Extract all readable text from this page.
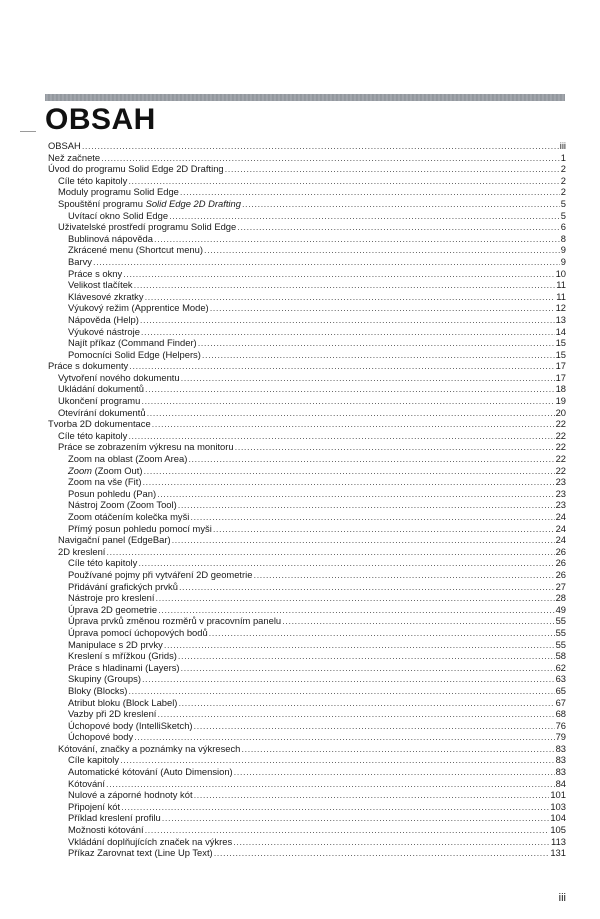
OBSAH
OBSAH .....	iii
Než začnete .....	1
Úvod do programu Solid Edge 2D Drafting .....	2
Cíle této kapitoly .....	2
Moduly programu Solid Edge .....	2
Spouštění programu Solid Edge 2D Drafting .....	5
Uvítací okno Solid Edge .....	5
Uživatelské prostředí programu Solid Edge .....	6
Bublinová nápověda .....	8
Zkrácené menu (Shortcut menu) .....	9
Barvy .....	9
Práce s okny .....	10
Velikost tlačítek .....	11
Klávesové zkratky .....	11
Výukový režim (Apprentice Mode) .....	12
Nápověda (Help) .....	13
Výukové nástroje .....	14
Najít příkaz (Command Finder) .....	15
Pomocníci Solid Edge (Helpers) .....	15
Práce s dokumenty .....	17
Vytvoření nového dokumentu .....	17
Ukládání dokumentů .....	18
Ukončení programu .....	19
Otevírání dokumentů .....	20
Tvorba 2D dokumentace .....	22
Cíle této kapitoly .....	22
Práce se zobrazením výkresu na monitoru .....	22
Zoom na oblast (Zoom Area) .....	22
Zoom (Zoom Out) .....	22
Zoom na vše (Fit) .....	23
Posun pohledu (Pan) .....	23
Nástroj Zoom (Zoom Tool) .....	23
Zoom otáčením kolečka myši .....	24
Přímý posun pohledu pomocí myši .....	24
Navigační panel (EdgeBar) .....	24
2D kreslení .....	26
Cíle této kapitoly .....	26
Používané pojmy při vytváření 2D geometrie .....	26
Přidávání grafických prvků .....	27
Nástroje pro kreslení .....	28
Úprava 2D geometrie .....	49
Úprava prvků změnou rozměrů v pracovním panelu .....	55
Úprava pomocí úchopových bodů .....	55
Manipulace s 2D prvky .....	55
Kreslení s mřížkou (Grids) .....	58
Práce s hladinami (Layers) .....	62
Skupiny (Groups) .....	63
Bloky (Blocks) .....	65
Atribut bloku (Block Label) .....	67
Vazby při 2D kreslení .....	68
Úchopové body (IntelliSketch) .....	76
Úchopové body .....	79
Kótování, značky a poznámky na výkresech .....	83
Cíle kapitoly .....	83
Automatické kótování (Auto Dimension) .....	83
Kótování .....	84
Nulové a záporné hodnoty kót .....	101
Připojení kót .....	103
Příklad kreslení profilu .....	104
Možnosti kótování .....	105
Vkládání doplňujících značek na výkres .....	113
Příkaz Zarovnat text (Line Up Text) .....	131
iii
